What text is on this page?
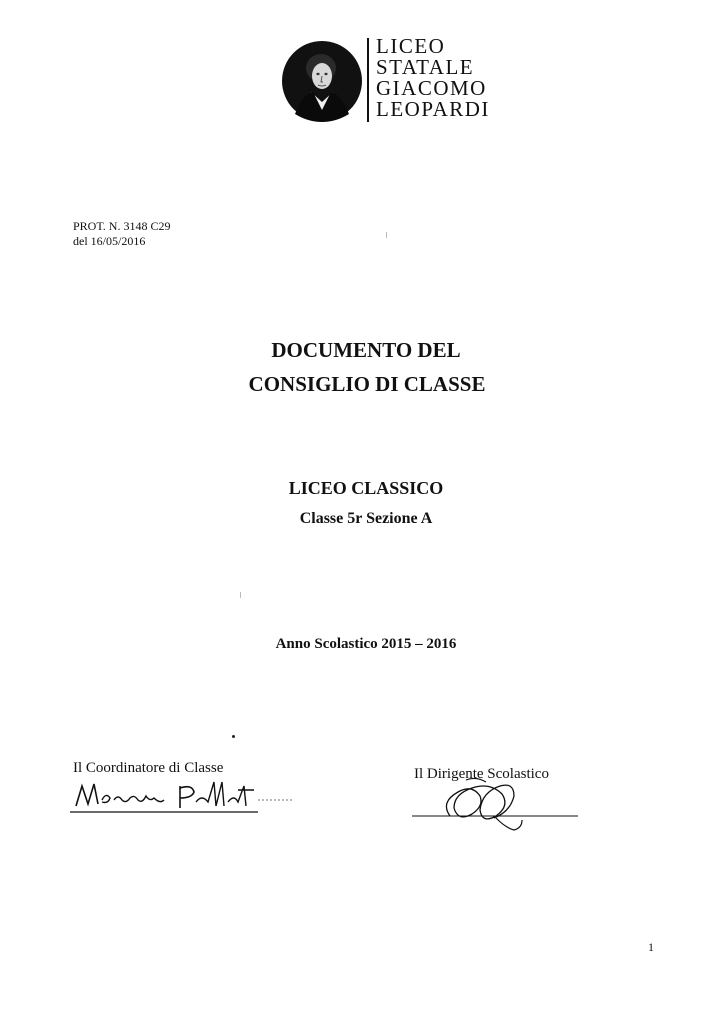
LICEO
STATALE
GIACOMO
LEOPARDI
PROT. N. 3148 C29
del 16/05/2016
DOCUMENTO DEL
CONSIGLIO DI CLASSE
LICEO CLASSICO
Classe 5r Sezione A
Anno Scolastico 2015 – 2016
Il Coordinatore di Classe	Il Dirigente Scolastico
1
